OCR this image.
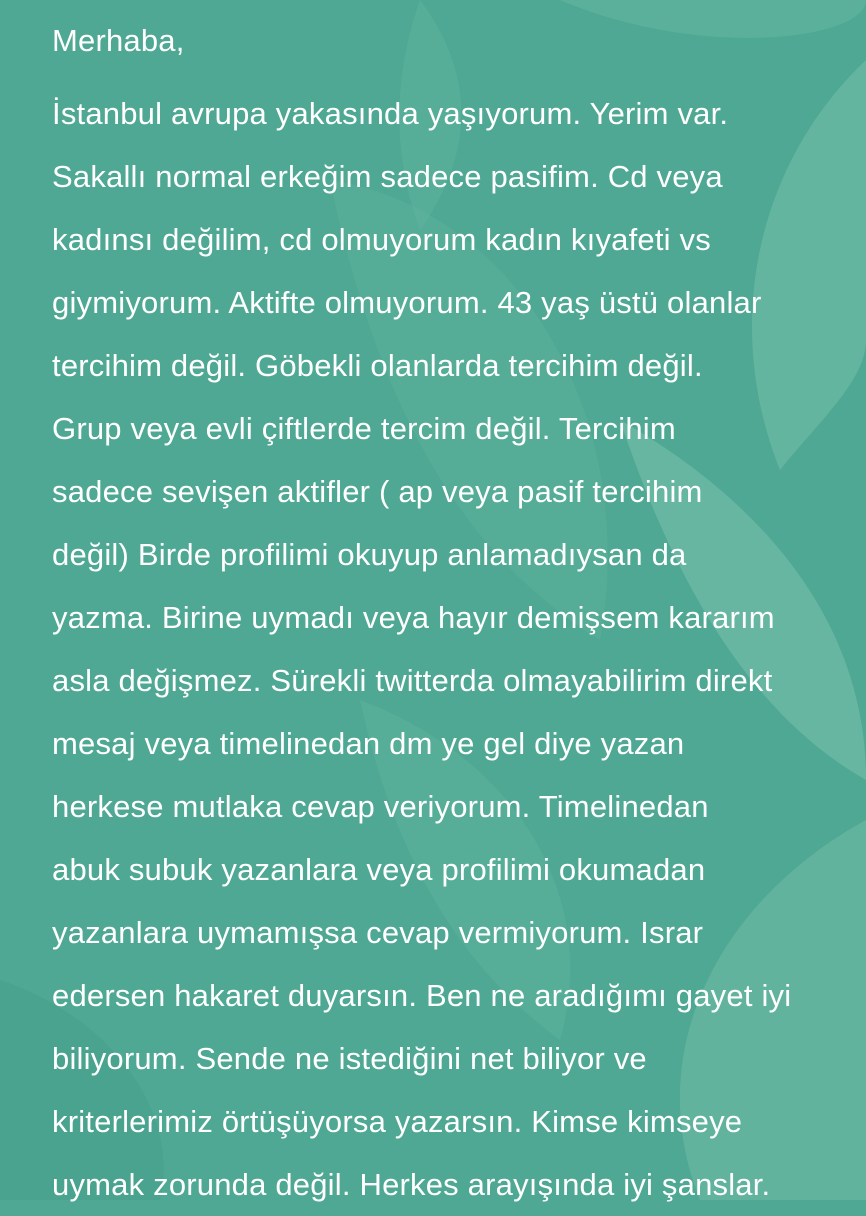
Merhaba,
İstanbul avrupa yakasında yaşıyorum. Yerim var.
Sakallı normal erkeğim sadece pasifim. Cd veya
kadınsı değilim, cd olmuyorum kadın kıyafeti vs
giymiyorum. Aktifte olmuyorum. 43 yaş üstü olanlar
tercihim değil. Göbekli olanlarda tercihim değil.
Grup veya evli çiftlerde tercim değil. Tercihim
sadece sevişen aktifler ( ap veya pasif tercihim
değil) Birde profilimi okuyup anlamadıysan da
yazma. Birine uymadı veya hayır demişsem kararım
asla değişmez. Sürekli twitterda olmayabilirim direkt
mesaj veya timelinedan dm ye gel diye yazan
herkese mutlaka cevap veriyorum. Timelinedan
abuk subuk yazanlara veya profilimi okumadan
yazanlara uymamışsa cevap vermiyorum. Israr
edersen hakaret duyarsın. Ben ne aradığımı gayet iyi
biliyorum. Sende ne istediğini net biliyor ve
kriterlerimiz örtüşüyorsa yazarsın. Kimse kimseye
uymak zorunda değil. Herkes arayışında iyi şanslar.
